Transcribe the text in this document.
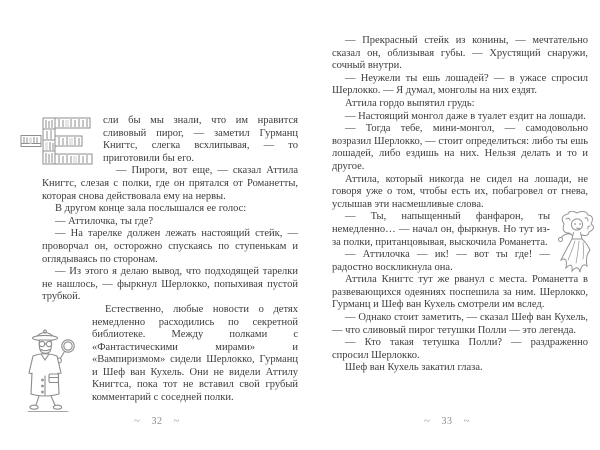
сли бы мы знали, что им нравится сливовый пирог, — заметил Гурманц Книгтс, слегка всхлипывая, — то приготовили бы его.

— Пироги, вот еще, — сказал Аттила Книгтс, слезая с полки, где он прятался от Романетты, которая снова действовала ему на нервы.

В другом конце зала послышался ее голос:

— Аттилочка, ты где?

— На тарелке должен лежать настоящий стейк, — проворчал он, осторожно спускаясь по ступенькам и оглядываясь по сторонам.

— Из этого я делаю вывод, что подходящей тарелки не нашлось, — фыркнул Шерлокко, попыхивая пустой трубкой.

Естественно, любые новости о детях немедленно расходились по секретной библиотеке. Между полками с «Фантастическими мирами» и «Вампиризмом» сидели Шерлокко, Гурманц и Шеф ван Кухель. Они не видели Аттилу Книгтса, пока тот не вставил свой грубый комментарий с соседней полки.

~ 32 ~

— Прекрасный стейк из конины, — мечтательно сказал он, облизывая губы. — Хрустящий снаружи, сочный внутри.

— Неужели ты ешь лошадей? — в ужасе спросил Шерлокко. — Я думал, монголы на них ездят.

Аттила гордо выпятил грудь:

— Настоящий монгол даже в туалет ездит на лошади.

— Тогда тебе, мини-монгол, — самодовольно возразил Шерлокко, — стоит определиться: либо ты ешь лошадей, либо ездишь на них. Нельзя делать и то и другое.

Аттила, который никогда не сидел на лошади, не говоря уже о том, чтобы есть их, побагровел от гнева, услышав эти насмешливые слова.

— Ты, напыщенный фанфарон, ты немедленно… — начал он, фыркнув. Но тут из-за полки, пританцовывая, выскочила Романетта.

— Аттилочка — ик! — вот ты где! — радостно воскликнула она.

Аттила Книгтс тут же рванул с места. Романетта в развевающихся одеяниях поспешила за ним. Шерлокко, Гурманц и Шеф ван Кухель смотрели им вслед.

— Однако стоит заметить, — сказал Шеф ван Кухель, — что сливовый пирог тетушки Полли — это легенда.

— Кто такая тетушка Полли? — раздраженно спросил Шерлокко.

Шеф ван Кухель закатил глаза.

~ 33 ~
